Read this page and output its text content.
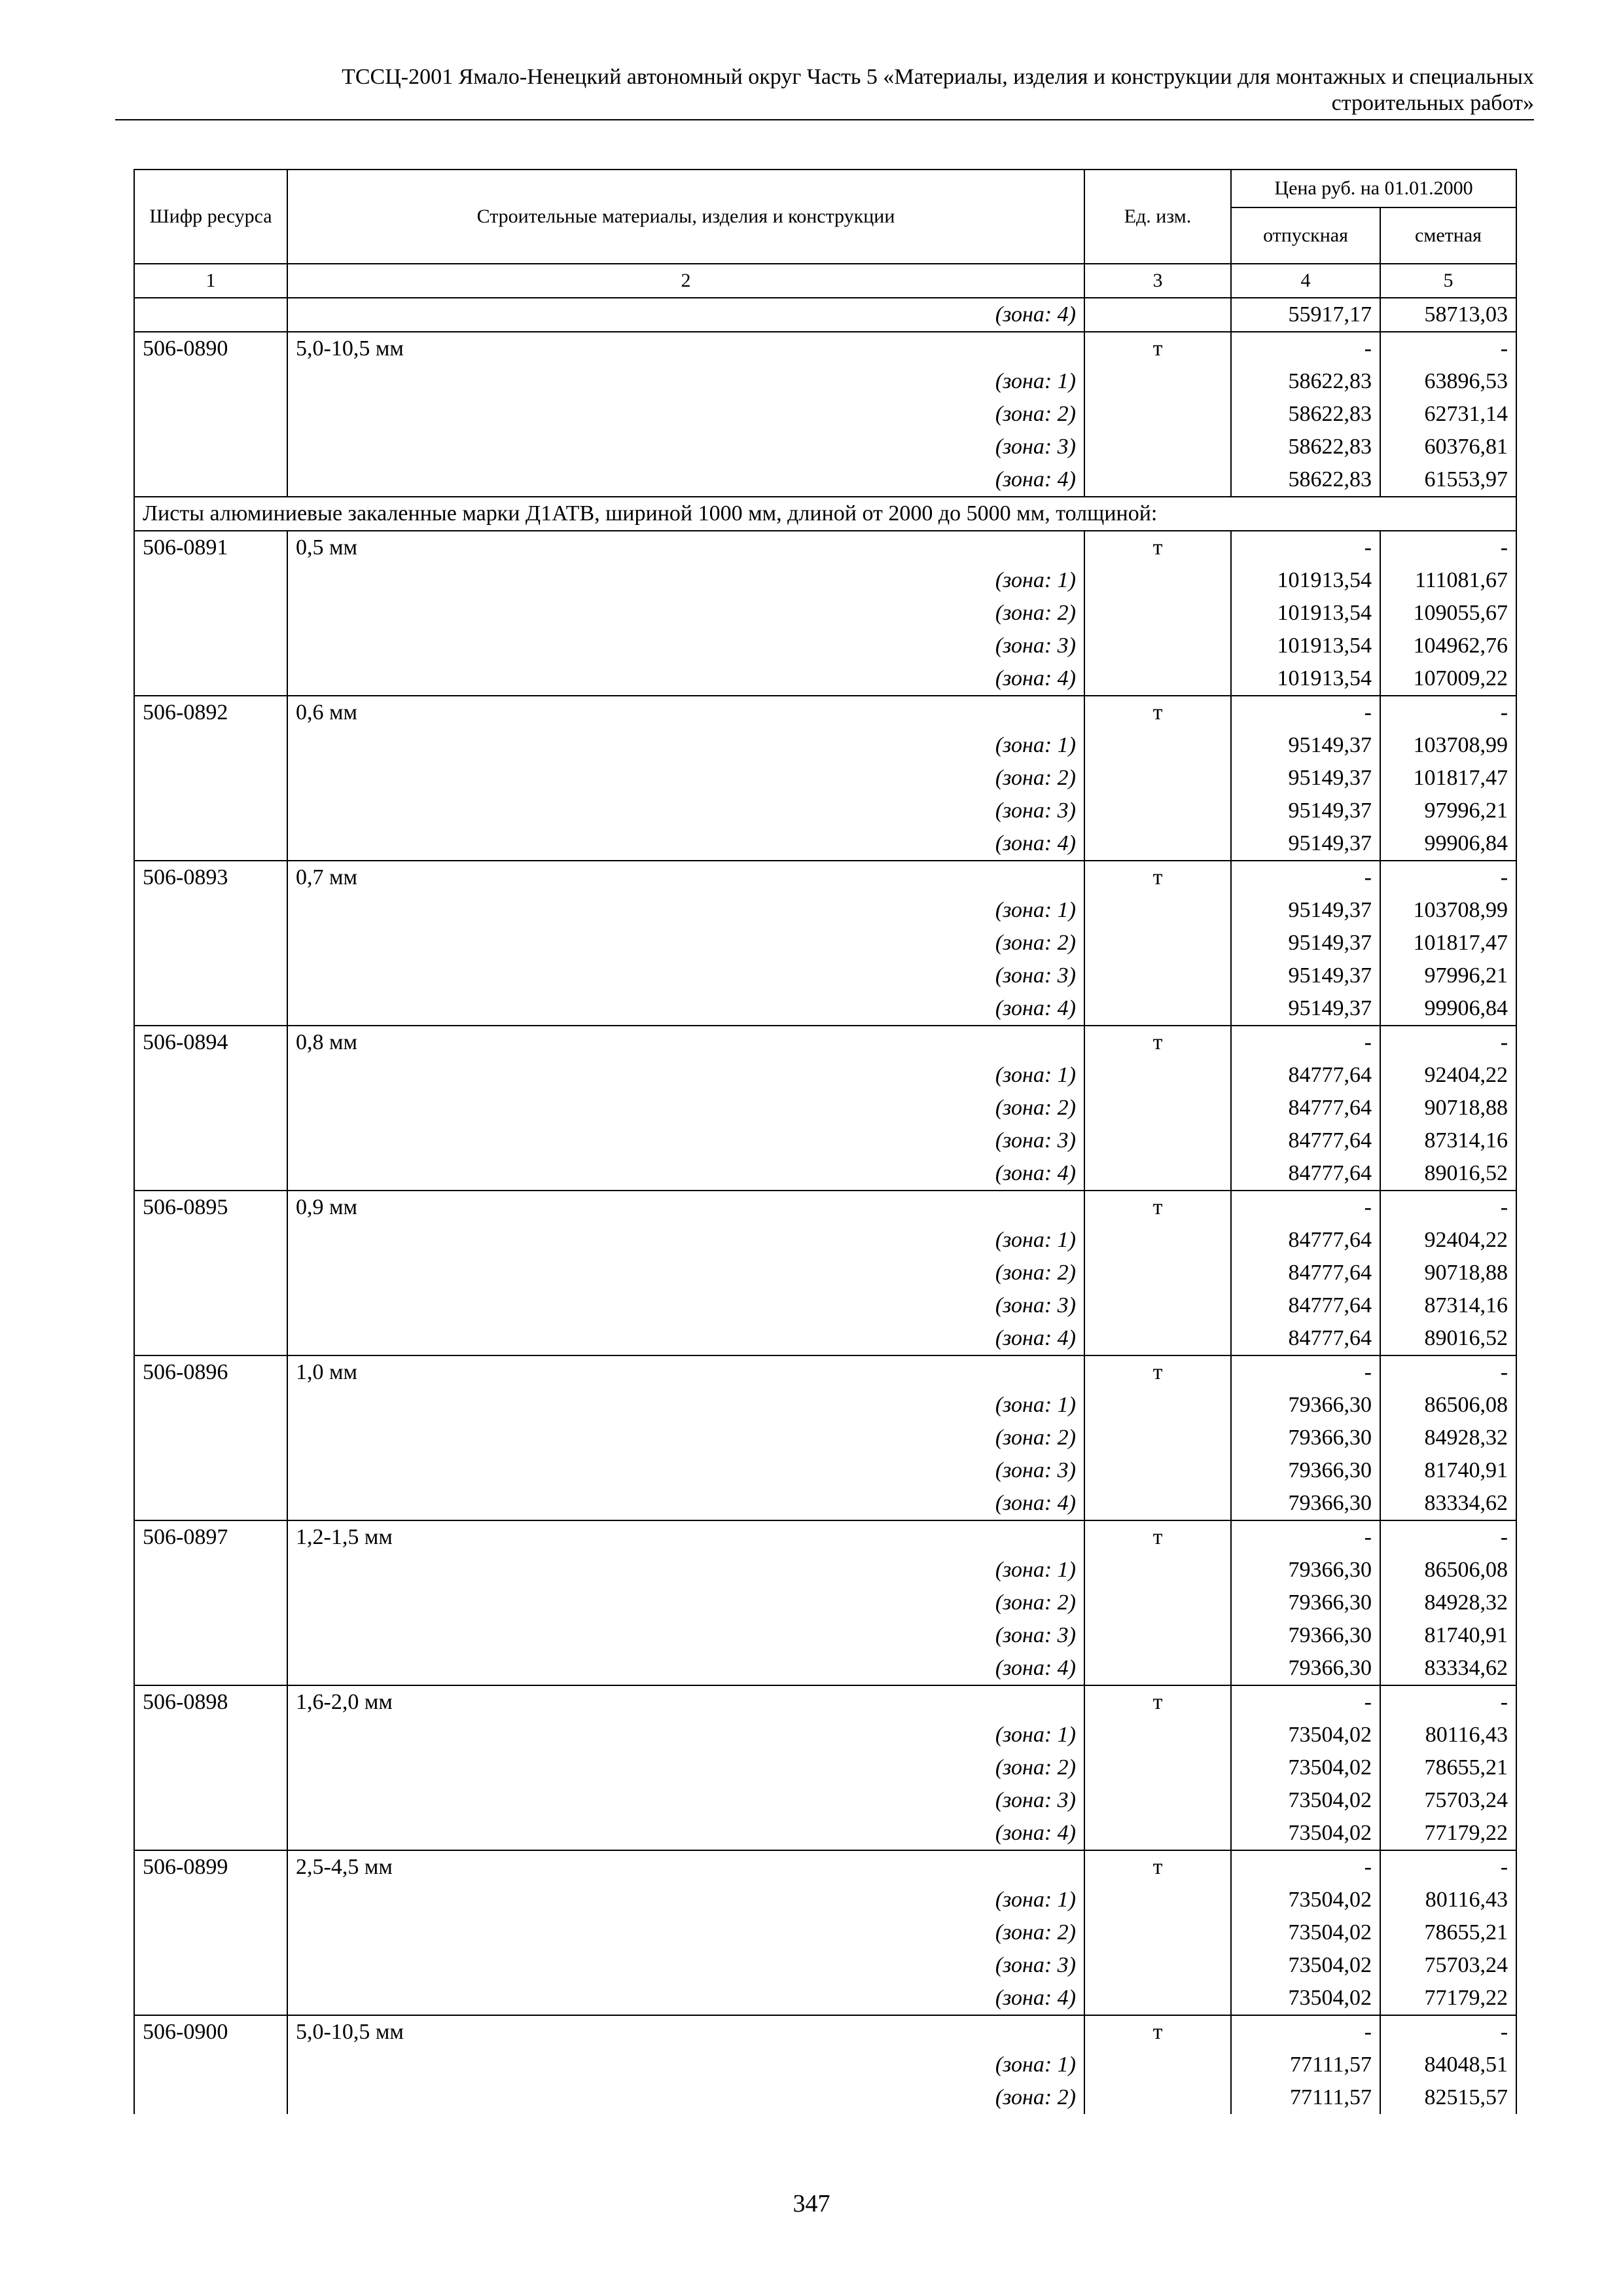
ТССЦ-2001 Ямало-Ненецкий автономный округ Часть 5 «Материалы, изделия и конструкции для монтажных и специальных
строительных работ»
Шифр ресурса	Строительные материалы, изделия и конструкции	Ед. изм.	Цена руб. на 01.01.2000	
			отпускная	сметная
1	2	3	4	5
	(зона: 4)		55917,17	58713,03
506-0890	5,0-10,5 мм	т	-	-
	(зона: 1)		58622,83	63896,53
	(зона: 2)		58622,83	62731,14
	(зона: 3)		58622,83	60376,81
	(зона: 4)		58622,83	61553,97
Листы алюминиевые закаленные марки Д1АТВ, шириной 1000 мм, длиной от 2000 до 5000 мм, толщиной:				
506-0891	0,5 мм	т	-	-
	(зона: 1)		101913,54	111081,67
	(зона: 2)		101913,54	109055,67
	(зона: 3)		101913,54	104962,76
	(зона: 4)		101913,54	107009,22
506-0892	0,6 мм	т	-	-
	(зона: 1)		95149,37	103708,99
	(зона: 2)		95149,37	101817,47
	(зона: 3)		95149,37	97996,21
	(зона: 4)		95149,37	99906,84
506-0893	0,7 мм	т	-	-
	(зона: 1)		95149,37	103708,99
	(зона: 2)		95149,37	101817,47
	(зона: 3)		95149,37	97996,21
	(зона: 4)		95149,37	99906,84
506-0894	0,8 мм	т	-	-
	(зона: 1)		84777,64	92404,22
	(зона: 2)		84777,64	90718,88
	(зона: 3)		84777,64	87314,16
	(зона: 4)		84777,64	89016,52
506-0895	0,9 мм	т	-	-
	(зона: 1)		84777,64	92404,22
	(зона: 2)		84777,64	90718,88
	(зона: 3)		84777,64	87314,16
	(зона: 4)		84777,64	89016,52
506-0896	1,0 мм	т	-	-
	(зона: 1)		79366,30	86506,08
	(зона: 2)		79366,30	84928,32
	(зона: 3)		79366,30	81740,91
	(зона: 4)		79366,30	83334,62
506-0897	1,2-1,5 мм	т	-	-
	(зона: 1)		79366,30	86506,08
	(зона: 2)		79366,30	84928,32
	(зона: 3)		79366,30	81740,91
	(зона: 4)		79366,30	83334,62
506-0898	1,6-2,0 мм	т	-	-
	(зона: 1)		73504,02	80116,43
	(зона: 2)		73504,02	78655,21
	(зона: 3)		73504,02	75703,24
	(зона: 4)		73504,02	77179,22
506-0899	2,5-4,5 мм	т	-	-
	(зона: 1)		73504,02	80116,43
	(зона: 2)		73504,02	78655,21
	(зона: 3)		73504,02	75703,24
	(зона: 4)		73504,02	77179,22
506-0900	5,0-10,5 мм	т	-	-
	(зона: 1)		77111,57	84048,51
	(зона: 2)		77111,57	82515,57
347
